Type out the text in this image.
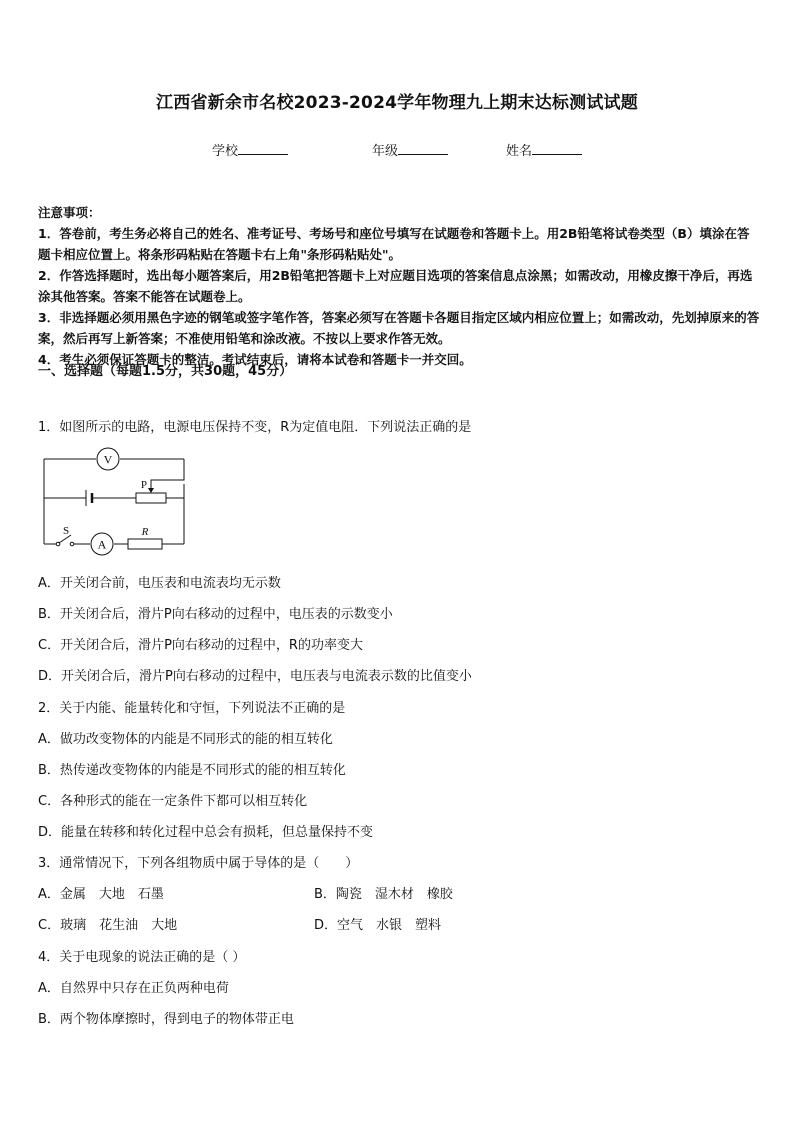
江西省新余市名校2023-2024学年物理九上期末达标测试试题
学校	年级	姓名

注意事项：

1．答卷前，考生务必将自己的姓名、准考证号、考场号和座位号填写在试题卷和答题卡上。用2B铅笔将试卷类型（B）填涂在答题卡相应位置上。将条形码粘贴在答题卡右上角"条形码粘贴处"。

2．作答选择题时，选出每小题答案后，用2B铅笔把答题卡上对应题目选项的答案信息点涂黑；如需改动，用橡皮擦干净后，再选涂其他答案。答案不能答在试题卷上。

3．非选择题必须用黑色字迹的钢笔或签字笔作答，答案必须写在答题卡各题目指定区域内相应位置上；如需改动，先划掉原来的答案，然后再写上新答案；不准使用铅笔和涂改液。不按以上要求作答无效。

4．考生必须保证答题卡的整洁。考试结束后，请将本试卷和答题卡一并交回。

一、选择题（每题1.5分，共30题，45分）
1．如图所示的电路，电源电压保持不变，R为定值电阻．下列说法正确的是
V
P
S
A
R
A．开关闭合前，电压表和电流表均无示数
B．开关闭合后，滑片P向右移动的过程中，电压表的示数变小
C．开关闭合后，滑片P向右移动的过程中，R的功率变大
D．开关闭合后，滑片P向右移动的过程中，电压表与电流表示数的比值变小
2．关于内能、能量转化和守恒，下列说法不正确的是
A．做功改变物体的内能是不同形式的能的相互转化
B．热传递改变物体的内能是不同形式的能的相互转化
C．各种形式的能在一定条件下都可以相互转化
D．能量在转移和转化过程中总会有损耗，但总量保持不变
3．通常情况下，下列各组物质中属于导体的是（　　）
A．金属　大地　石墨	B．陶瓷　湿木材　橡胶
C．玻璃　花生油　大地	D．空气　水银　塑料
4．关于电现象的说法正确的是（ ）
A．自然界中只存在正负两种电荷
B．两个物体摩擦时，得到电子的物体带正电
